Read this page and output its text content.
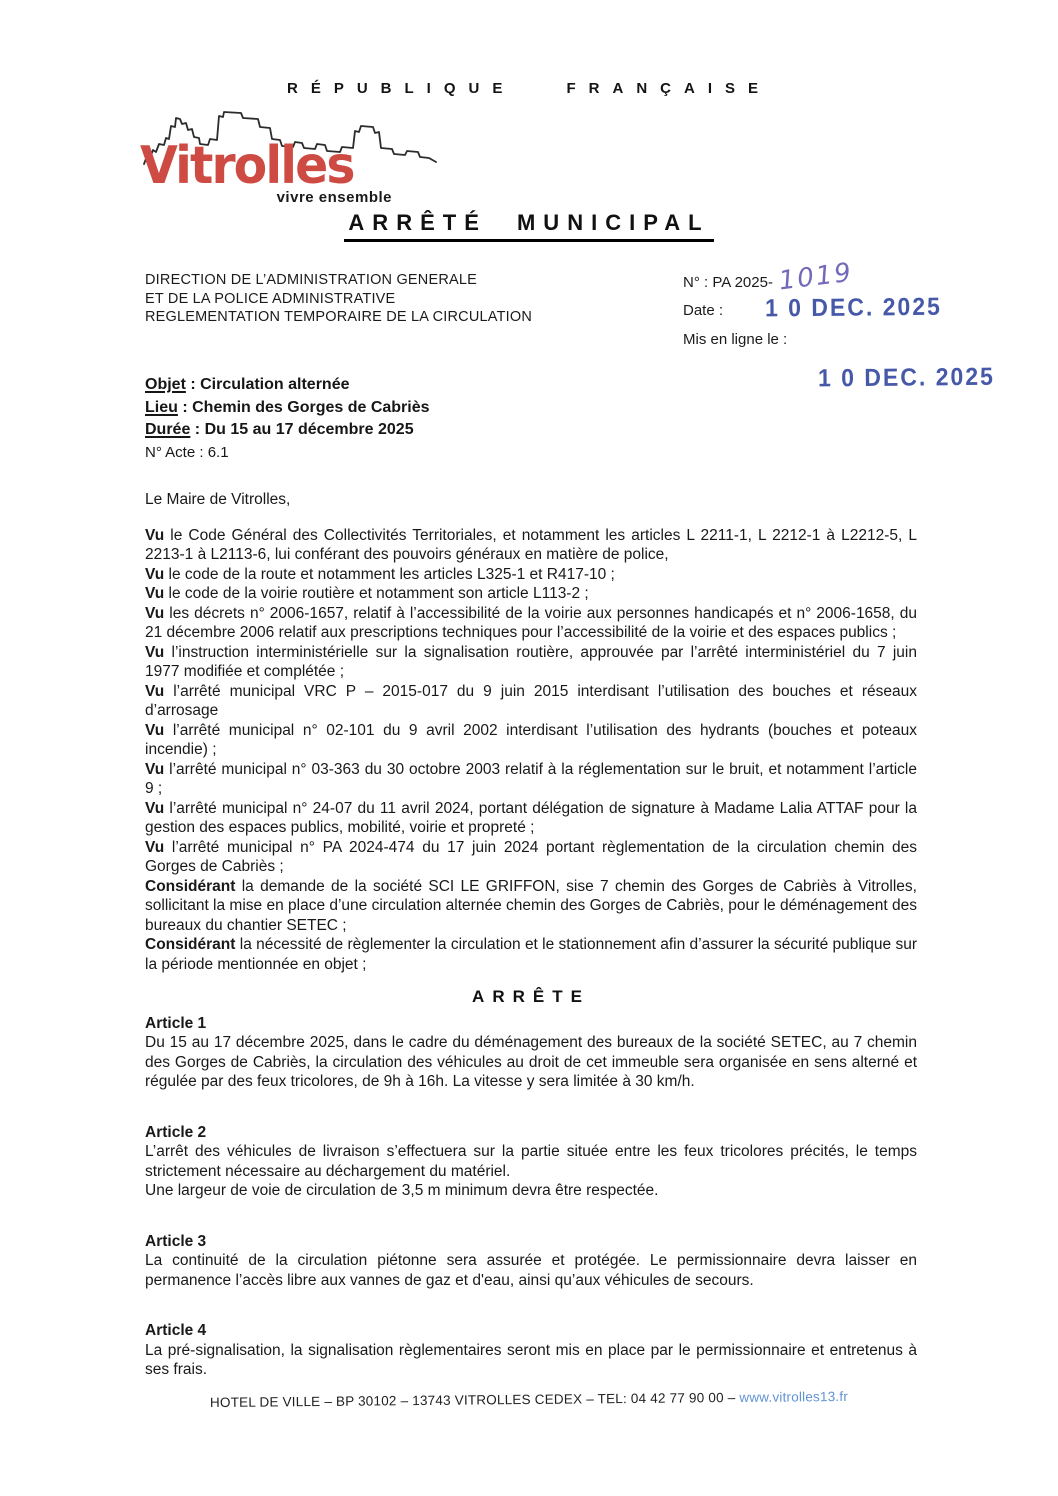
RÉPUBLIQUE FRANÇAISE
Vitrolles
vivre ensemble
ARRÊTÉ MUNICIPAL
DIRECTION DE L’ADMINISTRATION GENERALE
ET DE LA POLICE ADMINISTRATIVE
REGLEMENTATION TEMPORAIRE DE LA CIRCULATION
N° : PA 2025- 1019
Date : 1 0 DEC. 2025
Mis en ligne le :
1 0 DEC. 2025
Objet : Circulation alternée
Lieu : Chemin des Gorges de Cabriès
Durée : Du 15 au 17 décembre 2025
N° Acte : 6.1

Le Maire de Vitrolles,

Vu le Code Général des Collectivités Territoriales, et notamment les articles L 2211-1, L 2212-1 à L2212-5, L 2213-1 à L2113-6, lui conférant des pouvoirs généraux en matière de police,

Vu le code de la route et notamment les articles L325-1 et R417-10 ;

Vu le code de la voirie routière et notamment son article L113-2 ;

Vu les décrets n° 2006-1657, relatif à l’accessibilité de la voirie aux personnes handicapés et n° 2006-1658, du 21 décembre 2006 relatif aux prescriptions techniques pour l’accessibilité de la voirie et des espaces publics ;

Vu l’instruction interministérielle sur la signalisation routière, approuvée par l’arrêté interministériel du 7 juin 1977 modifiée et complétée ;

Vu l’arrêté municipal VRC P – 2015-017 du 9 juin 2015 interdisant l’utilisation des bouches et réseaux d’arrosage

Vu l’arrêté municipal n° 02-101 du 9 avril 2002 interdisant l’utilisation des hydrants (bouches et poteaux incendie) ;

Vu l’arrêté municipal n° 03-363 du 30 octobre 2003 relatif à la réglementation sur le bruit, et notamment l’article 9 ;

Vu l’arrêté municipal n° 24-07 du 11 avril 2024, portant délégation de signature à Madame Lalia ATTAF pour la gestion des espaces publics, mobilité, voirie et propreté ;

Vu l’arrêté municipal n° PA 2024-474 du 17 juin 2024 portant règlementation de la circulation chemin des Gorges de Cabriès ;

Considérant la demande de la société SCI LE GRIFFON, sise 7 chemin des Gorges de Cabriès à Vitrolles, sollicitant la mise en place d’une circulation alternée chemin des Gorges de Cabriès, pour le déménagement des bureaux du chantier SETEC ;

Considérant la nécessité de règlementer la circulation et le stationnement afin d’assurer la sécurité publique sur la période mentionnée en objet ;

ARRÊTE

Article 1

Du 15 au 17 décembre 2025, dans le cadre du déménagement des bureaux de la société SETEC, au 7 chemin des Gorges de Cabriès, la circulation des véhicules au droit de cet immeuble sera organisée en sens alterné et régulée par des feux tricolores, de 9h à 16h. La vitesse y sera limitée à 30 km/h.

Article 2

L’arrêt des véhicules de livraison s’effectuera sur la partie située entre les feux tricolores précités, le temps strictement nécessaire au déchargement du matériel.

Une largeur de voie de circulation de 3,5 m minimum devra être respectée.

Article 3

La continuité de la circulation piétonne sera assurée et protégée. Le permissionnaire devra laisser en permanence l’accès libre aux vannes de gaz et d'eau, ainsi qu’aux véhicules de secours.

Article 4

La pré-signalisation, la signalisation règlementaires seront mis en place par le permissionnaire et entretenus à ses frais.

HOTEL DE VILLE – BP 30102 – 13743 VITROLLES CEDEX – TEL: 04 42 77 90 00 – www.vitrolles13.fr
